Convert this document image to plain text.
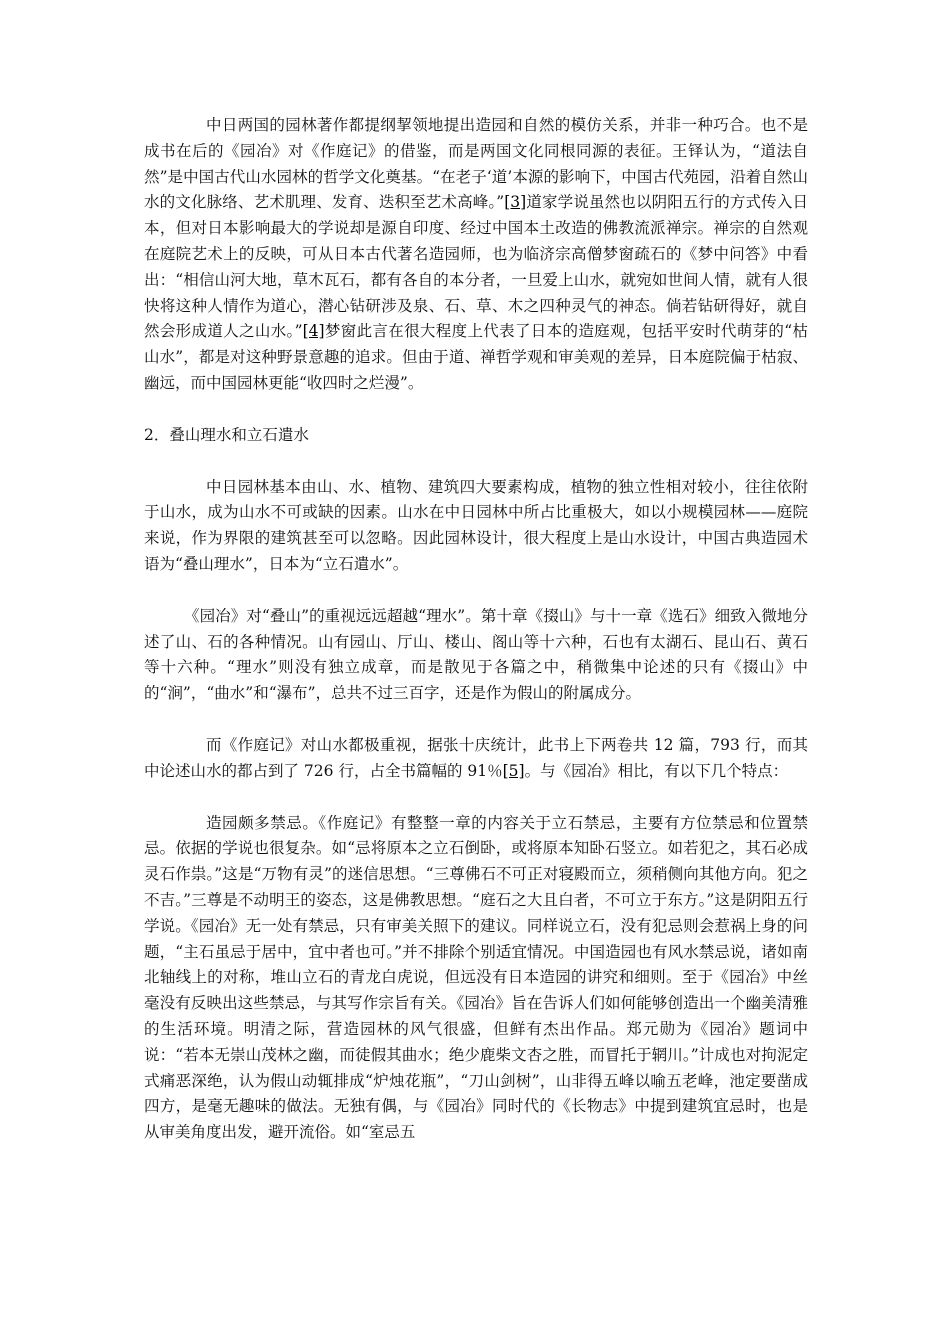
中日两国的园林著作都提纲挈领地提出造园和自然的模仿关系，并非一种巧合。也不是成书在后的《园冶》对《作庭记》的借鉴，而是两国文化同根同源的表征。王铎认为，“道法自然”是中国古代山水园林的哲学文化奠基。“在老子‘道’本源的影响下，中国古代苑园，沿着自然山水的文化脉络、艺术肌理、发育、迭积至艺术高峰。”[3]道家学说虽然也以阴阳五行的方式传入日本，但对日本影响最大的学说却是源自印度、经过中国本土改造的佛教流派禅宗。禅宗的自然观在庭院艺术上的反映，可从日本古代著名造园师，也为临济宗高僧梦窗疏石的《梦中问答》中看出：“相信山河大地，草木瓦石，都有各自的本分者，一旦爱上山水，就宛如世间人情，就有人很快将这种人情作为道心，潜心钻研涉及泉、石、草、木之四种灵气的神态。倘若钻研得好，就自然会形成道人之山水。”[4]梦窗此言在很大程度上代表了日本的造庭观，包括平安时代萌芽的“枯山水”，都是对这种野景意趣的追求。但由于道、禅哲学观和审美观的差异，日本庭院偏于枯寂、幽远，而中国园林更能“收四时之烂漫”。

2．叠山理水和立石遣水

中日园林基本由山、水、植物、建筑四大要素构成，植物的独立性相对较小，往往依附于山水，成为山水不可或缺的因素。山水在中日园林中所占比重极大，如以小规模园林——庭院来说，作为界限的建筑甚至可以忽略。因此园林设计，很大程度上是山水设计，中国古典造园术语为“叠山理水”，日本为“立石遣水”。

《园冶》对“叠山”的重视远远超越“理水”。第十章《掇山》与十一章《选石》细致入微地分述了山、石的各种情况。山有园山、厅山、楼山、阁山等十六种，石也有太湖石、昆山石、黄石等十六种。“理水”则没有独立成章，而是散见于各篇之中，稍微集中论述的只有《掇山》中的“涧”，“曲水”和“瀑布”，总共不过三百字，还是作为假山的附属成分。

而《作庭记》对山水都极重视，据张十庆统计，此书上下两卷共 12 篇，793 行，而其中论述山水的都占到了 726 行，占全书篇幅的 91％[5]。与《园冶》相比，有以下几个特点：

造园颇多禁忌。《作庭记》有整整一章的内容关于立石禁忌，主要有方位禁忌和位置禁忌。依据的学说也很复杂。如“忌将原本之立石倒卧，或将原本知卧石竖立。如若犯之，其石必成灵石作祟。”这是“万物有灵”的迷信思想。“三尊佛石不可正对寝殿而立，须稍侧向其他方向。犯之不吉。”三尊是不动明王的姿态，这是佛教思想。“庭石之大且白者，不可立于东方。”这是阴阳五行学说。《园冶》无一处有禁忌，只有审美关照下的建议。同样说立石，没有犯忌则会惹祸上身的问题，“主石虽忌于居中，宜中者也可。”并不排除个别适宜情况。中国造园也有风水禁忌说，诸如南北轴线上的对称，堆山立石的青龙白虎说，但远没有日本造园的讲究和细则。至于《园冶》中丝毫没有反映出这些禁忌，与其写作宗旨有关。《园冶》旨在告诉人们如何能够创造出一个幽美清雅的生活环境。明清之际，营造园林的风气很盛，但鲜有杰出作品。郑元勋为《园冶》题词中说：“若本无崇山茂林之幽，而徒假其曲水；绝少鹿柴文杏之胜，而冒托于辋川。”计成也对拘泥定式痛恶深绝，认为假山动辄排成“炉烛花瓶”，“刀山剑树”，山非得五峰以喻五老峰，池定要凿成四方，是毫无趣味的做法。无独有偶，与《园冶》同时代的《长物志》中提到建筑宜忌时，也是从审美角度出发，避开流俗。如“室忌五
